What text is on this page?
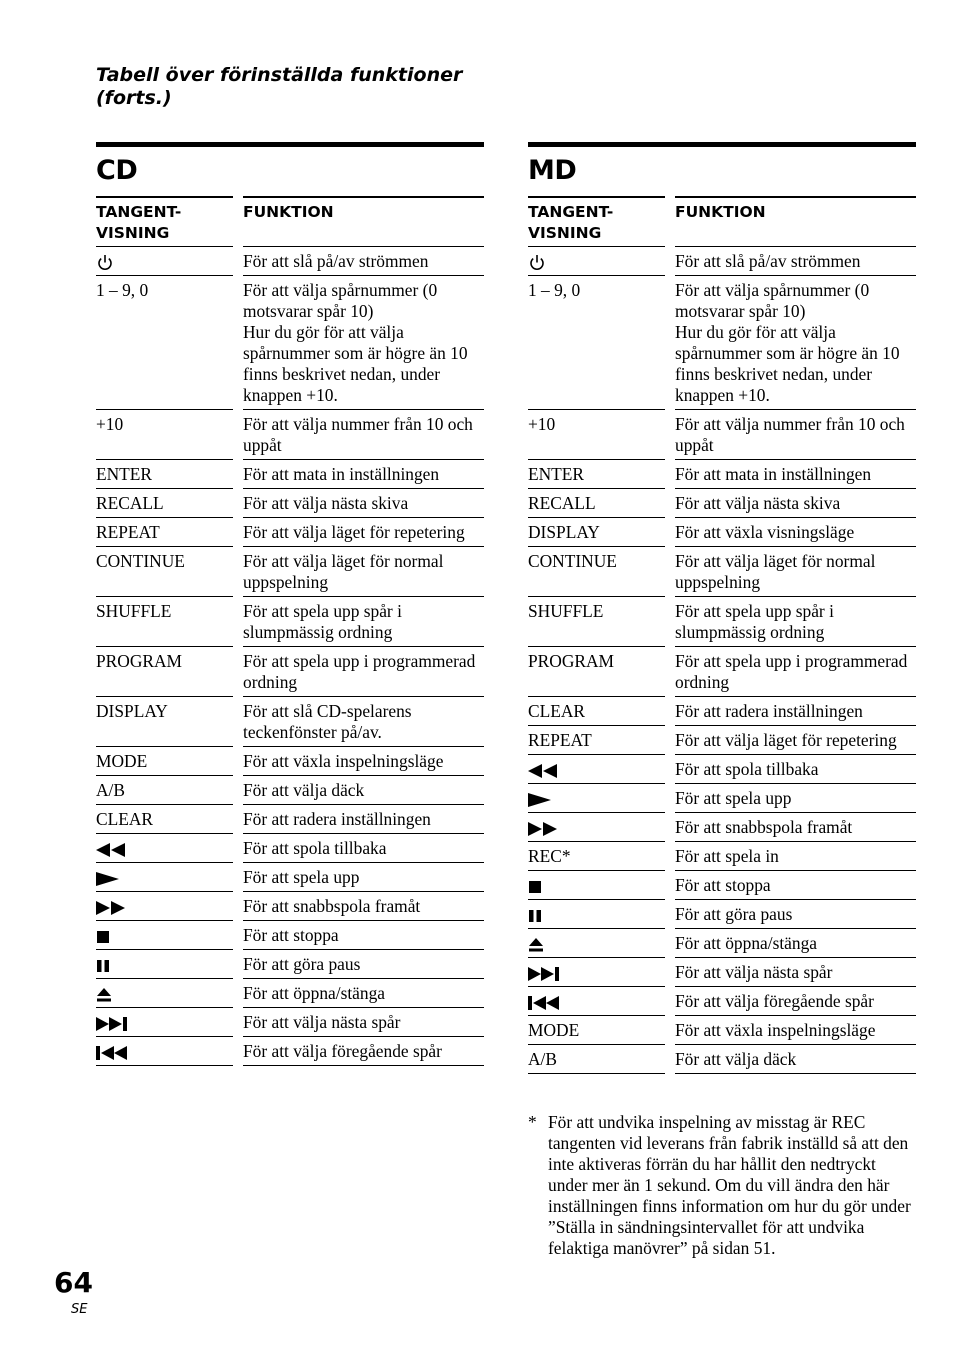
Tabell över förinställda funktioner (forts.)
CD
TANGENT-
VISNING	FUNKTION
	För att slå på/av strömmen
1 – 9, 0	För att välja spårnummer (0 motsvarar spår 10)
Hur du gör för att välja spårnummer som är högre än 10 finns beskrivet nedan, under knappen +10.
+10	För att välja nummer från 10 och uppåt
ENTER	För att mata in inställningen
RECALL	För att välja nästa skiva
REPEAT	För att välja läget för repetering
CONTINUE	För att välja läget för normal uppspelning
SHUFFLE	För att spela upp spår i slumpmässig ordning
PROGRAM	För att spela upp i programmerad ordning
DISPLAY	För att slå CD-spelarens teckenfönster på/av.
MODE	För att växla inspelningsläge
A/B	För att välja däck
CLEAR	För att radera inställningen
	För att spola tillbaka
	För att spela upp
	För att snabbspola framåt
	För att stoppa
	För att göra paus
	För att öppna/stänga
	För att välja nästa spår
	För att välja föregående spår
MD
TANGENT-
VISNING	FUNKTION
	För att slå på/av strömmen
1 – 9, 0	För att välja spårnummer (0 motsvarar spår 10)
Hur du gör för att välja spårnummer som är högre än 10 finns beskrivet nedan, under knappen +10.
+10	För att välja nummer från 10 och uppåt
ENTER	För att mata in inställningen
RECALL	För att välja nästa skiva
DISPLAY	För att växla visningsläge
CONTINUE	För att välja läget för normal uppspelning
SHUFFLE	För att spela upp spår i slumpmässig ordning
PROGRAM	För att spela upp i programmerad ordning
CLEAR	För att radera inställningen
REPEAT	För att välja läget för repetering
	För att spola tillbaka
	För att spela upp
	För att snabbspola framåt
REC*	För att spela in
	För att stoppa
	För att göra paus
	För att öppna/stänga
	För att välja nästa spår
	För att välja föregående spår
MODE	För att växla inspelningsläge
A/B	För att välja däck
* För att undvika inspelning av misstag är REC tangenten vid leverans från fabrik inställd så att den inte aktiveras förrän du har hållit den nedtryckt under mer än 1 sekund. Om du vill ändra den här inställningen finns information om hur du gör under ”Ställa in sändningsintervallet för att undvika felaktiga manövrer” på sidan 51.
64
SE
